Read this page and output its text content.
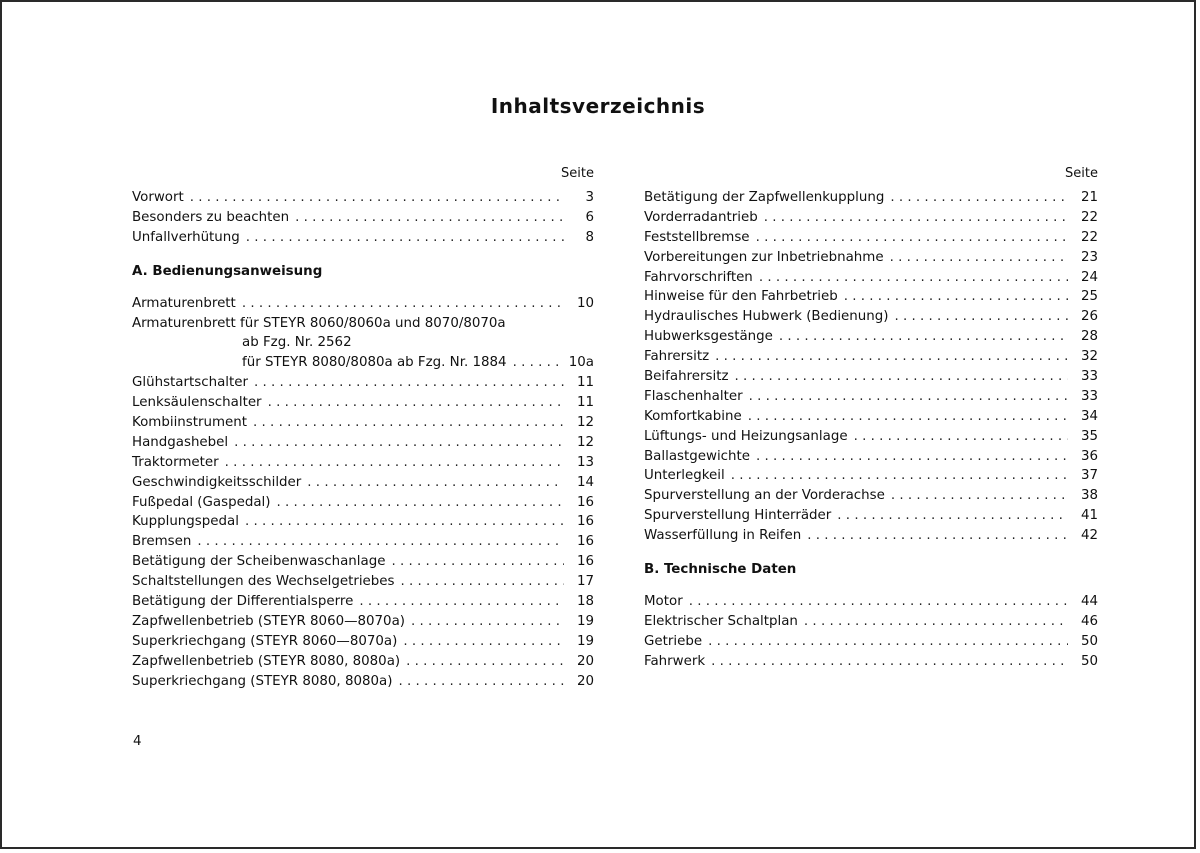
Inhaltsverzeichnis
Seite
Vorwort . . .	3
Besonders zu beachten . . .	6
Unfallverhütung . . .	8
A. Bedienungsanweisung
Armaturenbrett . . .	10
Armaturenbrett für STEYR 8060/8060a und 8070/8070a
ab Fzg. Nr. 2562
für STEYR 8080/8080a ab Fzg. Nr. 1884 . . .	10a
Glühstartschalter . . .	11
Lenksäulenschalter . . .	11
Kombiinstrument . . .	12
Handgashebel . . .	12
Traktormeter . . .	13
Geschwindigkeitsschilder . . .	14
Fußpedal (Gaspedal) . . .	16
Kupplungspedal . . .	16
Bremsen . . .	16
Betätigung der Scheibenwaschanlage . . .	16
Schaltstellungen des Wechselgetriebes . . .	17
Betätigung der Differentialsperre . . .	18
Zapfwellenbetrieb (STEYR 8060—8070a) . . .	19
Superkriechgang (STEYR 8060—8070a) . . .	19
Zapfwellenbetrieb (STEYR 8080, 8080a) . . .	20
Superkriechgang (STEYR 8080, 8080a) . . .	20
Seite
Betätigung der Zapfwellenkupplung . . .	21
Vorderradantrieb . . .	22
Feststellbremse . . .	22
Vorbereitungen zur Inbetriebnahme . . .	23
Fahrvorschriften . . .	24
Hinweise für den Fahrbetrieb . . .	25
Hydraulisches Hubwerk (Bedienung) . . .	26
Hubwerksgestänge . . .	28
Fahrersitz . . .	32
Beifahrersitz . . .	33
Flaschenhalter . . .	33
Komfortkabine . . .	34
Lüftungs- und Heizungsanlage . . .	35
Ballastgewichte . . .	36
Unterlegkeil . . .	37
Spurverstellung an der Vorderachse . . .	38
Spurverstellung Hinterräder . . .	41
Wasserfüllung in Reifen . . .	42
B. Technische Daten
Motor . . .	44
Elektrischer Schaltplan . . .	46
Getriebe . . .	50
Fahrwerk . . .	50
4
